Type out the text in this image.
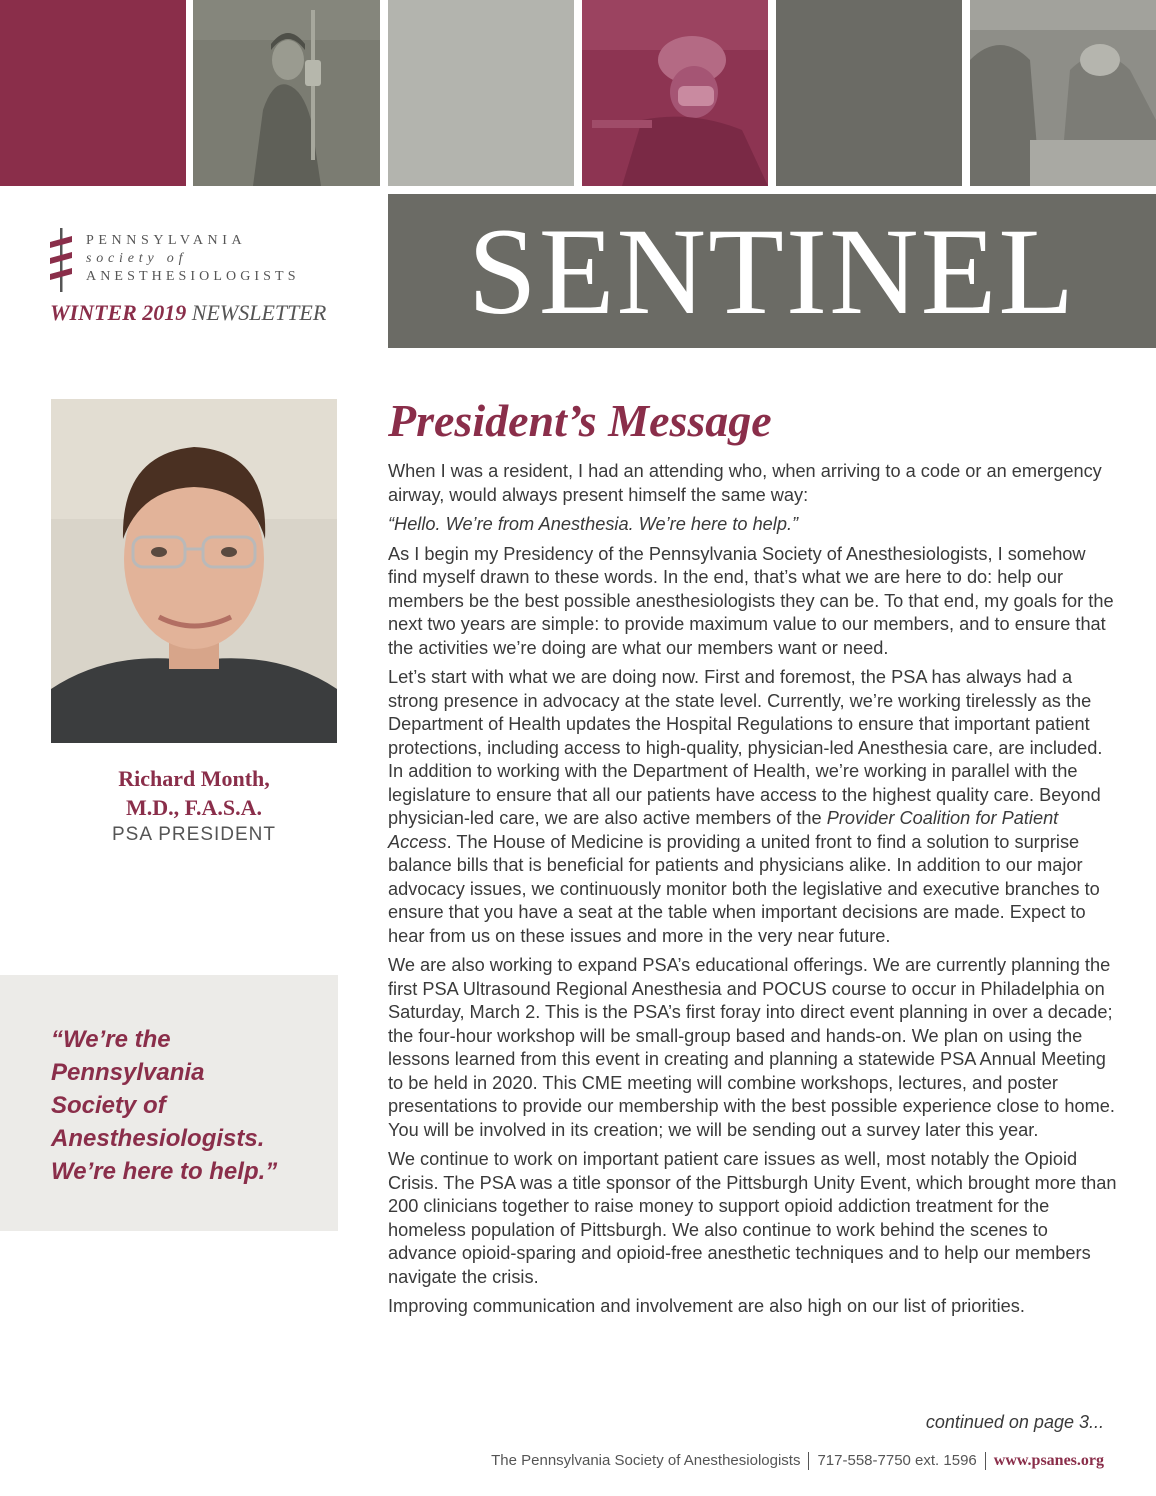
PENNSYLVANIA
society of
ANESTHESIOLOGISTS
WINTER 2019 NEWSLETTER	SENTINEL
Richard Month,
M.D., F.A.S.A.
PSA PRESIDENT
“We’re the
Pennsylvania
Society of
Anesthesiologists.
We’re here to help.”
President’s Message

When I was a resident, I had an attending who, when arriving to a code or an emergency airway, would always present himself the same way:

“Hello. We’re from Anesthesia. We’re here to help.”

As I begin my Presidency of the Pennsylvania Society of Anesthesiologists, I somehow find myself drawn to these words. In the end, that’s what we are here to do: help our members be the best possible anesthesiologists they can be. To that end, my goals for the next two years are simple: to provide maximum value to our members, and to ensure that the activities we’re doing are what our members want or need.

Let’s start with what we are doing now. First and foremost, the PSA has always had a strong presence in advocacy at the state level. Currently, we’re working tirelessly as the Department of Health updates the Hospital Regulations to ensure that important patient protections, including access to high-quality, physician-led Anesthesia care, are included. In addition to working with the Department of Health, we’re working in parallel with the legislature to ensure that all our patients have access to the highest quality care. Beyond physician-led care, we are also active members of the Provider Coalition for Patient Access. The House of Medicine is providing a united front to find a solution to surprise balance bills that is beneficial for patients and physicians alike. In addition to our major advocacy issues, we continuously monitor both the legislative and executive branches to ensure that you have a seat at the table when important decisions are made. Expect to hear from us on these issues and more in the very near future.

We are also working to expand PSA’s educational offerings. We are currently planning the first PSA Ultrasound Regional Anesthesia and POCUS course to occur in Philadelphia on Saturday, March 2. This is the PSA’s first foray into direct event planning in over a decade; the four-hour workshop will be small-group based and hands-on. We plan on using the lessons learned from this event in creating and planning a statewide PSA Annual Meeting to be held in 2020. This CME meeting will combine workshops, lectures, and poster presentations to provide our membership with the best possible experience close to home. You will be involved in its creation; we will be sending out a survey later this year.

We continue to work on important patient care issues as well, most notably the Opioid Crisis. The PSA was a title sponsor of the Pittsburgh Unity Event, which brought more than 200 clinicians together to raise money to support opioid addiction treatment for the homeless population of Pittsburgh. We also continue to work behind the scenes to advance opioid-sparing and opioid-free anesthetic techniques and to help our members navigate the crisis.

Improving communication and involvement are also high on our list of priorities.

continued on page 3...
The Pennsylvania Society of Anesthesiologists 717-558-7750 ext. 1596 www.psanes.org
